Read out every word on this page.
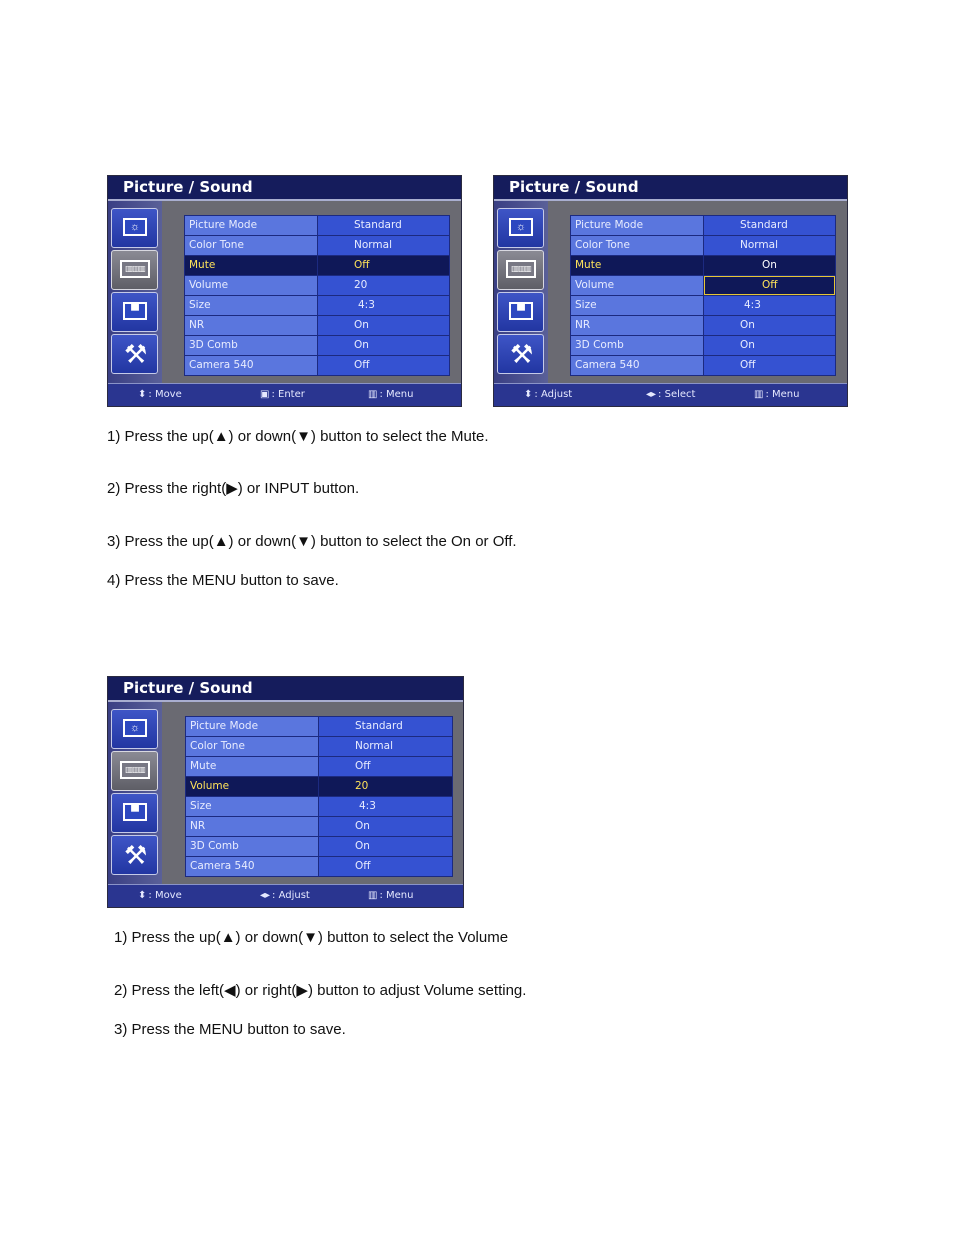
Picture / Sound
☼
▥▥▥
▀
⚒
Picture Mode	Standard
Color Tone	Normal
Mute	Off
Volume	20
Size	4:3
NR	On
3D Comb	On
Camera 540	Off
⬍ : Move	▣ : Enter	▥ : Menu
Picture / Sound
☼
▥▥▥
▀
⚒
Picture Mode	Standard
Color Tone	Normal
Mute	On
Volume	Off
Size	4:3
NR	On
3D Comb	On
Camera 540	Off
⬍ : Adjust	◂▸ : Select	▥ : Menu
1) Press the up(▲) or down(▼) button to select the Mute.
2) Press the right(▶) or INPUT button.
3) Press the up(▲) or down(▼) button to select the On or Off.
4) Press the MENU button to save.
Picture / Sound
☼
▥▥▥
▀
⚒
Picture Mode	Standard
Color Tone	Normal
Mute	Off
Volume	20
Size	4:3
NR	On
3D Comb	On
Camera 540	Off
⬍ : Move	◂▸ : Adjust	▥ : Menu
1) Press the up(▲) or down(▼) button to select the Volume
2) Press the left(◀) or right(▶) button to adjust Volume setting.
3) Press the MENU button to save.
